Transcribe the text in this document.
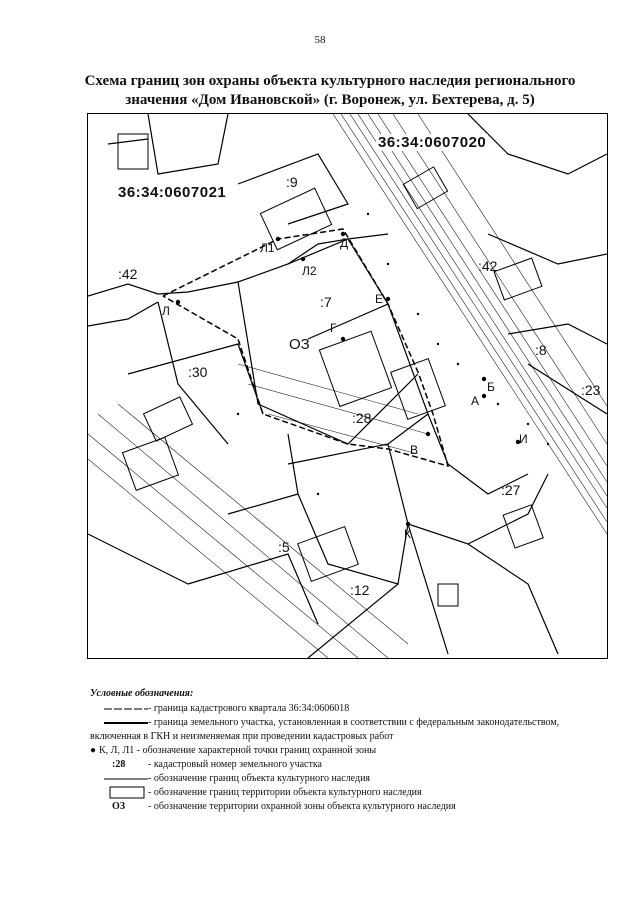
58
Схема границ зон охраны объекта культурного наследия регионального
значения «Дом Ивановской» (г. Воронеж, ул. Бехтерева, д. 5)
36:34:0607020
36:34:0607021
:42	:42
:30
:7
:28
:27
:8
:23
:5
:12
:9
Л1
Л2
Д
Е
Л
Г
Б
В
И
К
А
ОЗ
Условные обозначения:
- граница кадастрового квартала 36:34:0606018
- граница земельного участка, установленная в соответствии с федеральным законодательством,
включенная в ГКН и неизменяемая при проведении кадастровых работ
● К, Л, Л1 - обозначение характерной точки границ охранной зоны
:28 - кадастровый номер земельного участка
- обозначение границ объекта культурного наследия
- обозначение границ территории объекта культурного наследия
ОЗ - обозначение территории охранной зоны объекта культурного наследия
